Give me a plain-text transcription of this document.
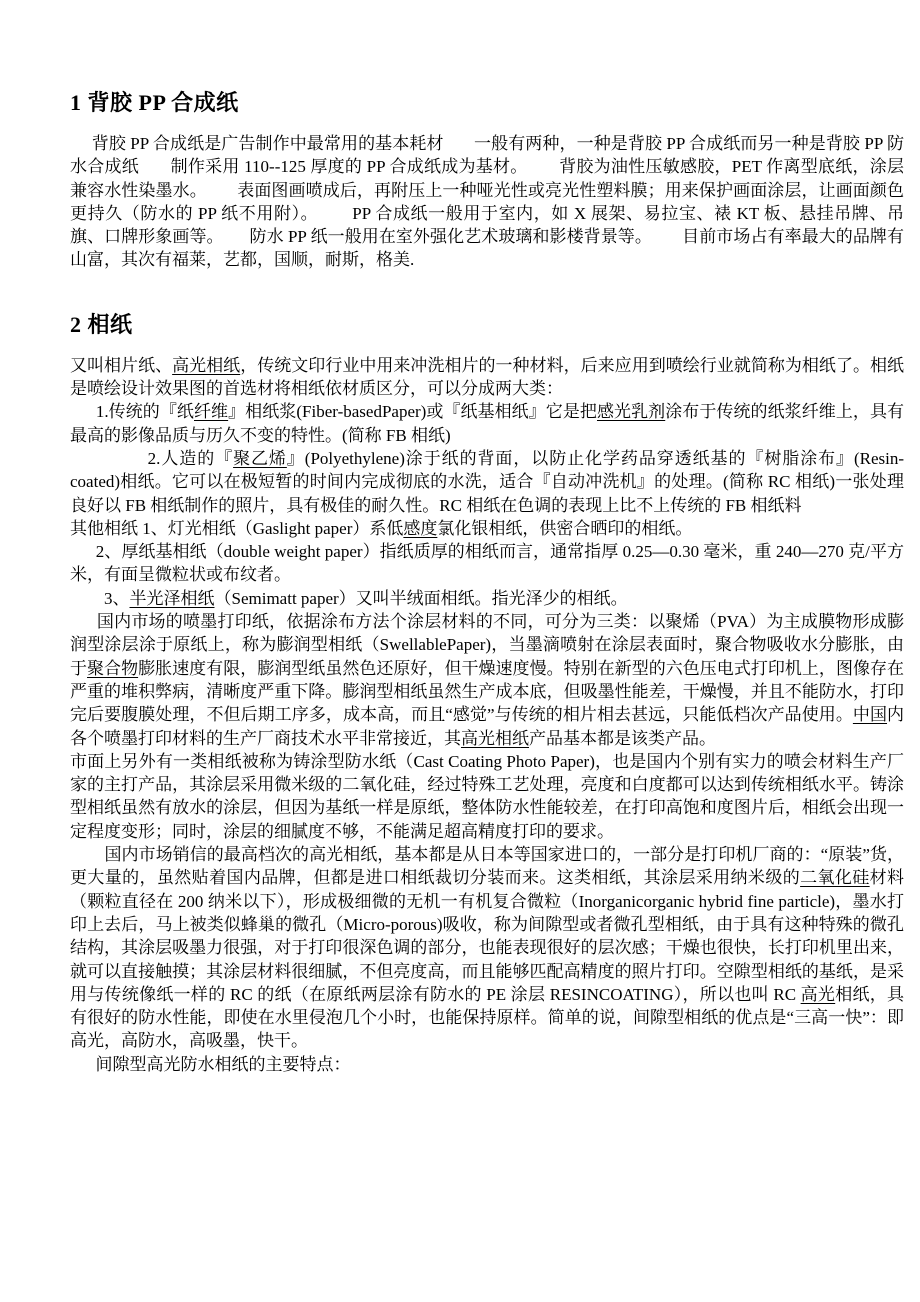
1 背胶 PP 合成纸

背胶 PP 合成纸是广告制作中最常用的基本耗材       一般有两种，一种是背胶 PP 合成纸而另一种是背胶 PP 防水合成纸       制作采用 110--125 厚度的 PP 合成纸成为基材。       背胶为油性压敏感胶，PET 作离型底纸，涂层兼容水性染墨水。       表面图画喷成后，再附压上一种哑光性或亮光性塑料膜；用来保护画面涂层，让画面颜色更持久（防水的 PP 纸不用附）。       PP 合成纸一般用于室内，如 X 展架、易拉宝、裱 KT 板、悬挂吊牌、吊旗、口牌形象画等。      防水 PP 纸一般用在室外强化艺术玻璃和影楼背景等。       目前市场占有率最大的品牌有山富，其次有福莱，艺都，国顺，耐斯，格美.

2 相纸

又叫相片纸、高光相纸，传统文印行业中用来冲洗相片的一种材料，后来应用到喷绘行业就简称为相纸了。相纸是喷绘设计效果图的首选材将相纸依材质区分，可以分成两大类：

1.传统的『纸纤维』相纸浆(Fiber-basedPaper)或『纸基相纸』它是把感光乳剂涂布于传统的纸浆纤维上，具有最高的影像品质与历久不变的特性。(简称 FB 相纸)

2.人造的『聚乙烯』(Polyethylene)涂于纸的背面，以防止化学药品穿透纸基的『树脂涂布』(Resin-coated)相纸。它可以在极短暂的时间内完成彻底的水洗，适合『自动冲洗机』的处理。(简称 RC 相纸)一张处理良好以 FB 相纸制作的照片，具有极佳的耐久性。RC 相纸在色调的表现上比不上传统的 FB 相纸料

其他相纸 1、灯光相纸（Gaslight paper）系低感度氯化银相纸，供密合晒印的相纸。

2、厚纸基相纸（double weight paper）指纸质厚的相纸而言，通常指厚 0.25—0.30 毫米，重 240—270 克/平方米，有面呈微粒状或布纹者。

3、半光泽相纸（Semimatt paper）又叫半绒面相纸。指光泽少的相纸。

国内市场的喷墨打印纸，依据涂布方法个涂层材料的不同，可分为三类：以聚烯（PVA）为主成膜物形成膨润型涂层涂于原纸上，称为膨润型相纸（SwellablePaper)，当墨滴喷射在涂层表面时，聚合物吸收水分膨胀，由于聚合物膨胀速度有限，膨润型纸虽然色还原好，但干燥速度慢。特别在新型的六色压电式打印机上，图像存在严重的堆积弊病，清晰度严重下降。膨润型相纸虽然生产成本底，但吸墨性能差，干燥慢，并且不能防水，打印完后要腹膜处理，不但后期工序多，成本高，而且“感觉”与传统的相片相去甚远，只能低档次产品使用。中国内各个喷墨打印材料的生产厂商技术水平非常接近，其高光相纸产品基本都是该类产品。

市面上另外有一类相纸被称为铸涂型防水纸（Cast Coating Photo Paper)，也是国内个别有实力的喷会材料生产厂家的主打产品，其涂层采用微米级的二氧化硅，经过特殊工艺处理，亮度和白度都可以达到传统相纸水平。铸涂型相纸虽然有放水的涂层，但因为基纸一样是原纸，整体防水性能较差，在打印高饱和度图片后，相纸会出现一定程度变形；同时，涂层的细腻度不够，不能满足超高精度打印的要求。

国内市场销信的最高档次的高光相纸，基本都是从日本等国家进口的，一部分是打印机厂商的：“原装”货，更大量的，虽然贴着国内品牌，但都是进口相纸裁切分装而来。这类相纸，其涂层采用纳米级的二氧化硅材料（颗粒直径在 200 纳米以下），形成极细微的无机一有机复合微粒（Inorganicorganic hybrid fine particle)，墨水打印上去后，马上被类似蜂巢的微孔（Micro-porous)吸收，称为间隙型或者微孔型相纸，由于具有这种特殊的微孔结构，其涂层吸墨力很强，对于打印很深色调的部分，也能表现很好的层次感；干燥也很快，长打印机里出来，就可以直接触摸；其涂层材料很细腻，不但亮度高，而且能够匹配高精度的照片打印。空隙型相纸的基纸，是采用与传统像纸一样的 RC 的纸（在原纸两层涂有防水的 PE 涂层 RESINCOATING），所以也叫 RC 高光相纸，具有很好的防水性能，即使在水里侵泡几个小时，也能保持原样。简单的说，间隙型相纸的优点是“三高一快”：即高光，高防水，高吸墨，快干。

间隙型高光防水相纸的主要特点：
